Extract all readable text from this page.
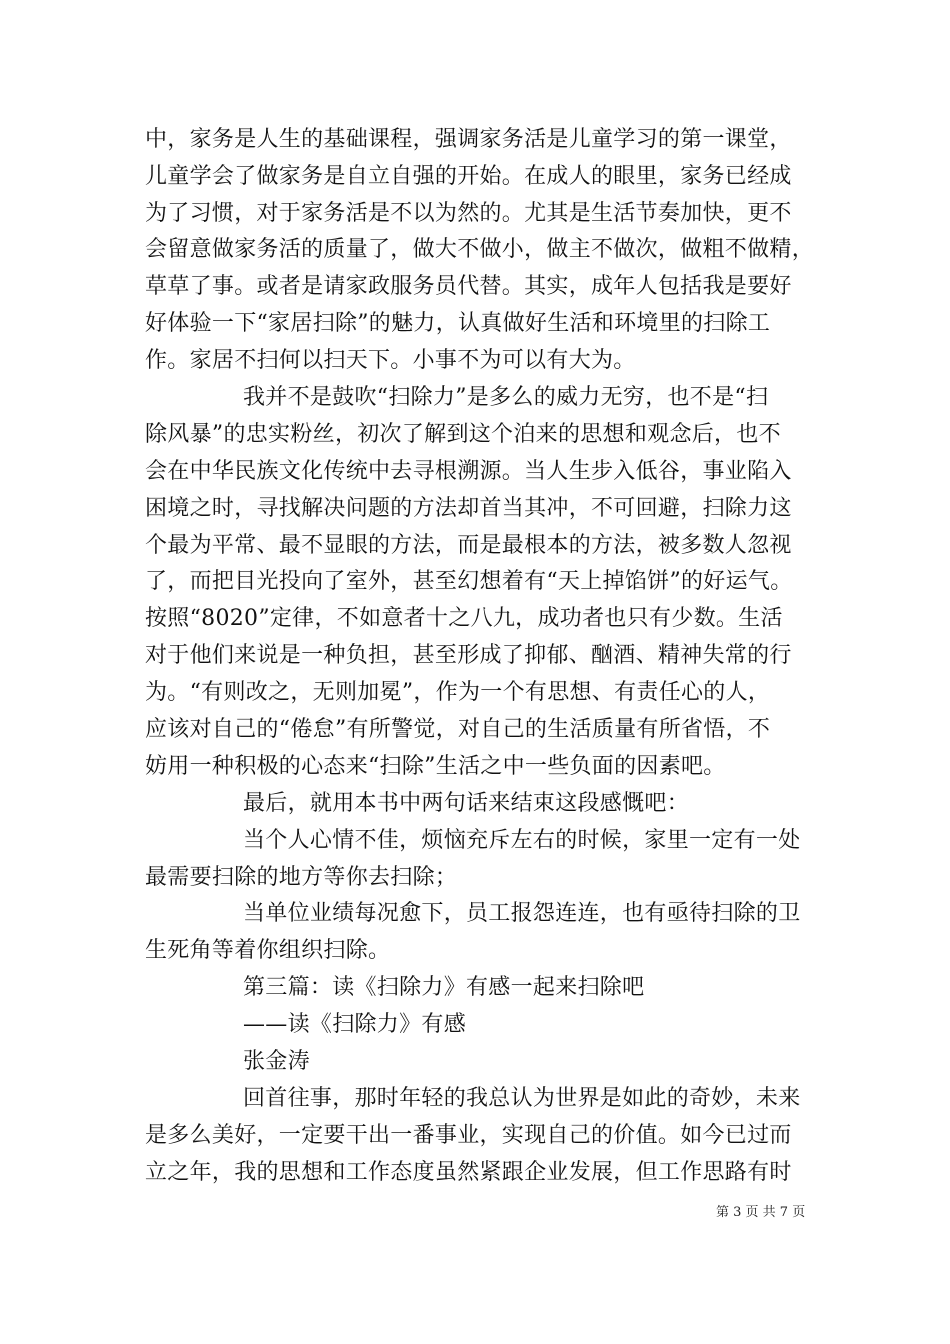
中，家务是人生的基础课程，强调家务活是儿童学习的第一课堂，
儿童学会了做家务是自立自强的开始。在成人的眼里，家务已经成
为了习惯，对于家务活是不以为然的。尤其是生活节奏加快，更不
会留意做家务活的质量了，做大不做小，做主不做次，做粗不做精，
草草了事。或者是请家政服务员代替。其实，成年人包括我是要好
好体验一下“家居扫除”的魅力，认真做好生活和环境里的扫除工
作。家居不扫何以扫天下。小事不为可以有大为。
我并不是鼓吹“扫除力”是多么的威力无穷，也不是“扫
除风暴”的忠实粉丝，初次了解到这个泊来的思想和观念后，也不
会在中华民族文化传统中去寻根溯源。当人生步入低谷，事业陷入
困境之时，寻找解决问题的方法却首当其冲，不可回避，扫除力这
个最为平常、最不显眼的方法，而是最根本的方法，被多数人忽视
了，而把目光投向了室外，甚至幻想着有“天上掉馅饼”的好运气。
按照“8020”定律，不如意者十之八九，成功者也只有少数。生活
对于他们来说是一种负担，甚至形成了抑郁、酗酒、精神失常的行
为。“有则改之，无则加冕”，作为一个有思想、有责任心的人，
应该对自己的“倦怠”有所警觉，对自己的生活质量有所省悟，不
妨用一种积极的心态来“扫除”生活之中一些负面的因素吧。
最后，就用本书中两句话来结束这段感慨吧：
当个人心情不佳，烦恼充斥左右的时候，家里一定有一处
最需要扫除的地方等你去扫除；
当单位业绩每况愈下，员工报怨连连，也有亟待扫除的卫
生死角等着你组织扫除。
第三篇：读《扫除力》有感一起来扫除吧
——读《扫除力》有感
张金涛
回首往事，那时年轻的我总认为世界是如此的奇妙，未来
是多么美好，一定要干出一番事业，实现自己的价值。如今已过而
立之年，我的思想和工作态度虽然紧跟企业发展，但工作思路有时
第 3 页 共 7 页
